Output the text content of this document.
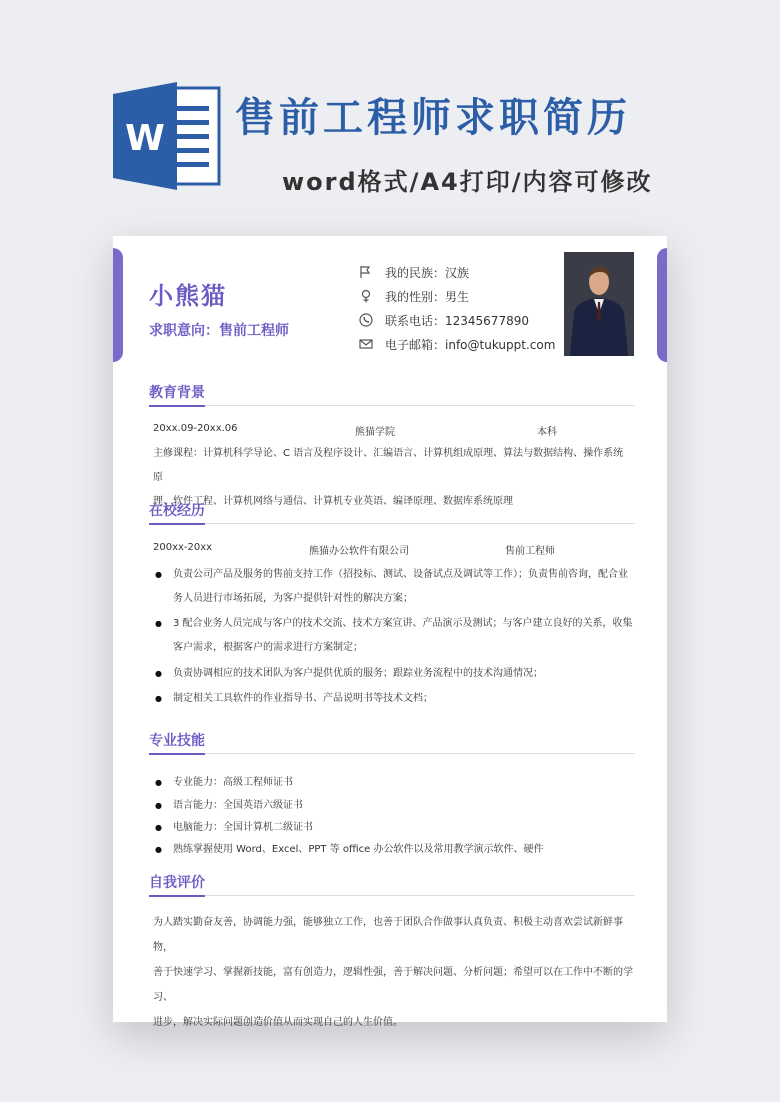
W 售前工程师求职简历
word格式/A4打印/内容可修改
小熊猫
求职意向：售前工程师
我的民族：汉族
我的性别：男生
联系电话：12345677890
电子邮箱：info@tukuppt.com
教育背景
20xx.09-20xx.06	熊猫学院	本科
主修课程：计算机科学导论、C 语言及程序设计、汇编语言、计算机组成原理、算法与数据结构、操作系统原
理、软件工程、计算机网络与通信、计算机专业英语、编译原理、数据库系统原理
在校经历
200xx-20xx	熊猫办公软件有限公司	售前工程师
● 负责公司产品及服务的售前支持工作（招投标、测试、设备试点及调试等工作）；负责售前咨询，配合业
务人员进行市场拓展，为客户提供针对性的解决方案；
● 3 配合业务人员完成与客户的技术交流、技术方案宣讲、产品演示及测试；与客户建立良好的关系，收集
客户需求，根据客户的需求进行方案制定；
● 负责协调相应的技术团队为客户提供优质的服务；跟踪业务流程中的技术沟通情况；
● 制定相关工具软件的作业指导书、产品说明书等技术文档；
专业技能
● 专业能力：高级工程师证书
● 语言能力：全国英语六级证书
● 电脑能力：全国计算机二级证书
● 熟练掌握使用 Word、Excel、PPT 等 office 办公软件以及常用教学演示软件、硬件
自我评价
为人踏实勤奋友善，协调能力强，能够独立工作，也善于团队合作做事认真负责、积极主动喜欢尝试新鲜事物，
善于快速学习、掌握新技能，富有创造力，逻辑性强，善于解决问题、分析问题；希望可以在工作中不断的学习、
进步，解决实际问题创造价值从而实现自己的人生价值。
